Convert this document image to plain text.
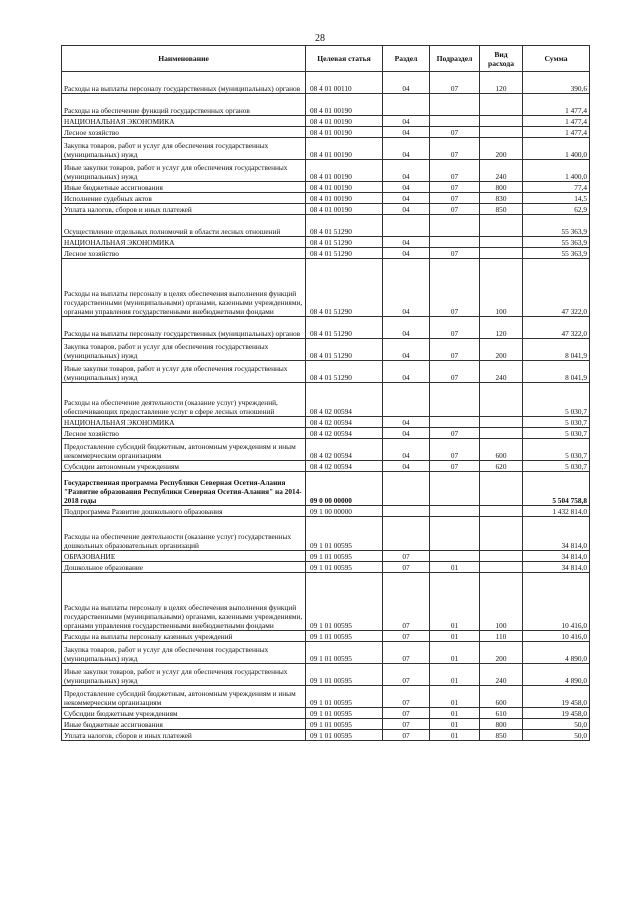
28
Наименование	Целевая статья	Раздел	Подраздел	Вид расхода	Сумма
Расходы на выплаты персоналу государственных (муниципальных) органов	08 4 01 00110	04	07	120	390,6
Расходы на обеспечение функций государственных органов	08 4 01 00190				1 477,4
НАЦИОНАЛЬНАЯ ЭКОНОМИКА	08 4 01 00190	04			1 477,4
Лесное хозяйство	08 4 01 00190	04	07		1 477,4
Закупка товаров, работ и услуг для обеспечения государственных (муниципальных) нужд	08 4 01 00190	04	07	200	1 400,0
Иные закупки товаров, работ и услуг для обеспечения государственных (муниципальных) нужд	08 4 01 00190	04	07	240	1 400,0
Иные бюджетные ассигнования	08 4 01 00190	04	07	800	77,4
Исполнение судебных актов	08 4 01 00190	04	07	830	14,5
Уплата налогов, сборов и иных платежей	08 4 01 00190	04	07	850	62,9
Осуществление отдельных полномочий в области лесных отношений	08 4 01 51290				55 363,9
НАЦИОНАЛЬНАЯ ЭКОНОМИКА	08 4 01 51290	04			55 363,9
Лесное хозяйство	08 4 01 51290	04	07		55 363,9
Расходы на выплаты персоналу в целях обеспечения выполнения функций государственными (муниципальными) органами, казенными учреждениями, органами управления государственными внебюджетными фондами	08 4 01 51290	04	07	100	47 322,0
Расходы на выплаты персоналу государственных (муниципальных) органов	08 4 01 51290	04	07	120	47 322,0
Закупка товаров, работ и услуг для обеспечения государственных (муниципальных) нужд	08 4 01 51290	04	07	200	8 041,9
Иные закупки товаров, работ и услуг для обеспечения государственных (муниципальных) нужд	08 4 01 51290	04	07	240	8 041,9
Расходы на обеспечение деятельности (оказание услуг) учреждений, обеспечивающих предоставление услуг в сфере лесных отношений	08 4 02 00594				5 030,7
НАЦИОНАЛЬНАЯ ЭКОНОМИКА	08 4 02 00594	04			5 030,7
Лесное хозяйство	08 4 02 00594	04	07		5 030,7
Предоставление субсидий бюджетным, автономным учреждениям и иным некоммерческим организациям	08 4 02 00594	04	07	600	5 030,7
Субсидии автономным учреждениям	08 4 02 00594	04	07	620	5 030,7
Государственная программа Республики Северная Осетия-Алания "Развитие образования Республики Северная Осетия-Алания" на 2014-2018 годы	09 0 00 00000				5 504 758,8
Подпрограмма Развитие дошкольного образования	09 1 00 00000				1 432 814,0
Расходы на обеспечение деятельности (оказание услуг) государственных дошкольных образовательных организаций	09 1 01 00595				34 814,0
ОБРАЗОВАНИЕ	09 1 01 00595	07			34 814,0
Дошкольное образование	09 1 01 00595	07	01		34 814,0
Расходы на выплаты персоналу в целях обеспечения выполнения функций государственными (муниципальными) органами, казенными учреждениями, органами управления государственными внебюджетными фондами	09 1 01 00595	07	01	100	10 416,0
Расходы на выплаты персоналу казенных учреждений	09 1 01 00595	07	01	110	10 416,0
Закупка товаров, работ и услуг для обеспечения государственных (муниципальных) нужд	09 1 01 00595	07	01	200	4 890,0
Иные закупки товаров, работ и услуг для обеспечения государственных (муниципальных) нужд	09 1 01 00595	07	01	240	4 890,0
Предоставление субсидий бюджетным, автономным учреждениям и иным некоммерческим организациям	09 1 01 00595	07	01	600	19 458,0
Субсидии бюджетным учреждениям	09 1 01 00595	07	01	610	19 458,0
Иные бюджетные ассигнования	09 1 01 00595	07	01	800	50,0
Уплата налогов, сборов и иных платежей	09 1 01 00595	07	01	850	50,0
